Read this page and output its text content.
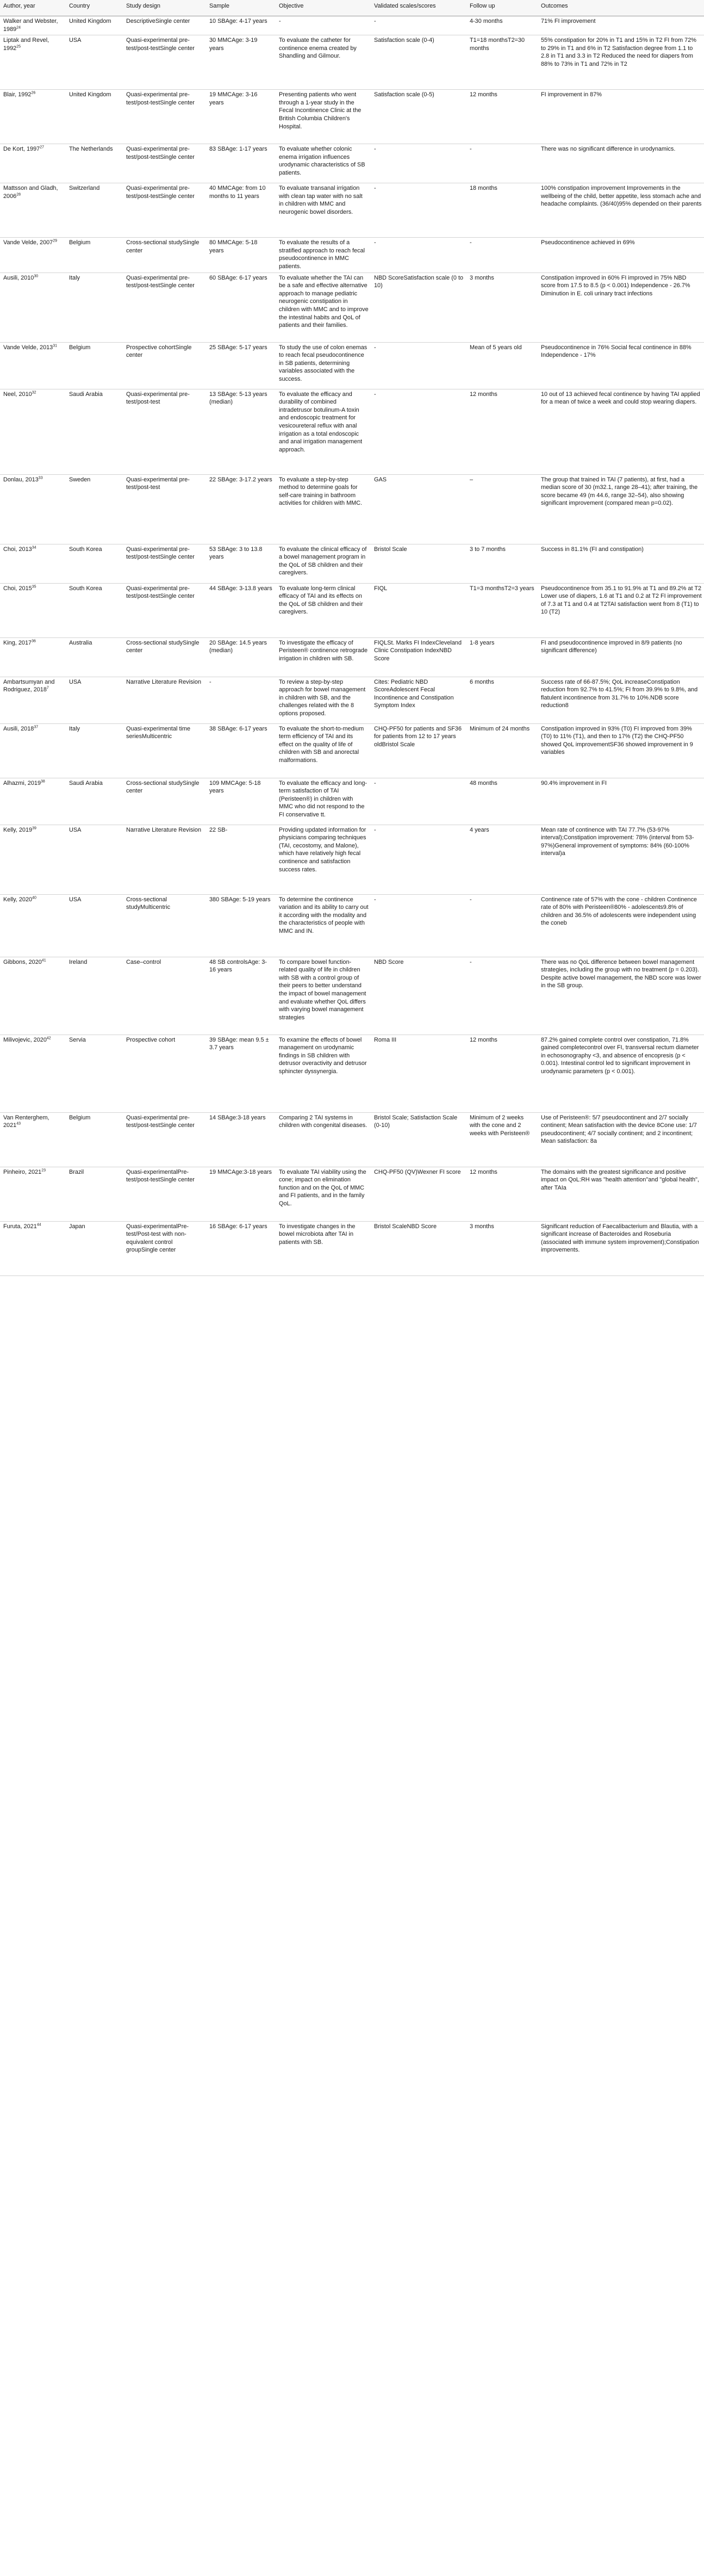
Author, year	Country	Study design	Sample	Objective	Validated scales/scores	Follow up	Outcomes
Walker and Webster, 1989$^{24}$	United Kingdom	DescriptiveSingle center	10 SBAge: 4-17 years	-	-	4-30 months	71% FI improvement
Liptak and Revel, 1992$^{25}$	USA	Quasi-experimental pre-test/post-testSingle center	30 MMCAge: 3-19 years	To evaluate the catheter for continence enema created by Shandling and Gilmour.	Satisfaction scale (0-4)	T1=18 monthsT2=30 months	55% constipation for 20% in T1 and 15% in T2 FI from 72% to 29% in T1 and 6% in T2 Satisfaction degree from 1.1 to 2.8 in T1 and 3.3 in T2 Reduced the need for diapers from 88% to 73% in T1 and 72% in T2
Blair, 1992$^{26}$	United Kingdom	Quasi-experimental pre-test/post-testSingle center	19 MMCAge: 3-16 years	Presenting patients who went through a 1-year study in the Fecal Incontinence Clinic at the British Columbia Children's Hospital.	Satisfaction scale (0-5)	12 months	FI improvement in 87%
De Kort, 1997$^{27}$	The Netherlands	Quasi-experimental pre-test/post-testSingle center	83 SBAge: 1-17 years	To evaluate whether colonic enema irrigation influences urodynamic characteristics of SB patients.	-	-	There was no significant difference in urodynamics.
Mattsson and Gladh, 2006$^{28}$	Switzerland	Quasi-experimental pre-test/post-testSingle center	40 MMCAge: from 10 months to 11 years	To evaluate transanal irrigation with clean tap water with no salt in children with MMC and neurogenic bowel disorders.	-	18 months	100% constipation improvement Improvements in the wellbeing of the child, better appetite, less stomach ache and headache complaints. (36/40)95% depended on their parents
Vande Velde, 2007$^{29}$	Belgium	Cross-sectional studySingle center	80 MMCAge: 5-18 years	To evaluate the results of a stratified approach to reach fecal pseudocontinence in MMC patients.	-	-	Pseudocontinence achieved in 69%
Ausili, 2010$^{30}$	Italy	Quasi-experimental pre-test/post-testSingle center	60 SBAge: 6-17 years	To evaluate whether the TAI can be a safe and effective alternative approach to manage pediatric neurogenic constipation in children with MMC and to improve the intestinal habits and QoL of patients and their families.	NBD ScoreSatisfaction scale (0 to 10)	3 months	Constipation improved in 60% FI improved in 75% NBD score from 17.5 to 8.5 (p < 0.001) Independence - 26.7% Diminution in E. coli urinary tract infections
Vande Velde, 2013$^{31}$	Belgium	Prospective cohortSingle center	25 SBAge: 5-17 years	To study the use of colon enemas to reach fecal pseudocontinence in SB patients, determining variables associated with the success.	-	Mean of 5 years old	Pseudocontinence in 76% Social fecal continence in 88% Independence - 17%
Neel, 2010$^{32}$	Saudi Arabia	Quasi-experimental pre-test/post-test	13 SBAge: 5-13 years (median)	To evaluate the efficacy and durability of combined intradetrusor botulinum-A toxin and endoscopic treatment for vesicoureteral reflux with anal irrigation as a total endoscopic and anal irrigation management approach.	-	12 months	10 out of 13 achieved fecal continence by having TAI applied for a mean of twice a week and could stop wearing diapers.
Donlau, 2013$^{33}$	Sweden	Quasi-experimental pre-test/post-test	22 SBAge: 3-17.2 years	To evaluate a step-by-step method to determine goals for self-care training in bathroom activities for children with MMC.	GAS	–	The group that trained in TAI (7 patients), at first, had a median score of 30 (m32.1, range 28–41); after training, the score became 49 (m 44.6, range 32–54), also showing significant improvement (compared mean p=0.02).
Choi, 2013$^{34}$	South Korea	Quasi-experimental pre-test/post-testSingle center	53 SBAge: 3 to 13.8 years	To evaluate the clinical efficacy of a bowel management program in the QoL of SB children and their caregivers.	Bristol Scale	3 to 7 months	Success in 81.1% (FI and constipation)
Choi, 2015$^{35}$	South Korea	Quasi-experimental pre-test/post-testSingle center	44 SBAge: 3-13.8 years	To evaluate long-term clinical efficacy of TAI and its effects on the QoL of SB children and their caregivers.	FIQL	T1=3 monthsT2=3 years	Pseudocontinence from 35.1 to 91.9% at T1 and 89.2% at T2 Lower use of diapers, 1.6 at T1 and 0.2 at T2 FI improvement of 7.3 at T1 and 0.4 at T2TAI satisfaction went from 8 (T1) to 10 (T2)
King, 2017$^{36}$	Australia	Cross-sectional studySingle center	20 SBAge: 14.5 years (median)	To investigate the efficacy of Peristeen® continence retrograde irrigation in children with SB.	FIQLSt. Marks FI IndexCleveland Clinic Constipation IndexNBD Score	1-8 years	FI and pseudocontinence improved in 8/9 patients (no significant difference)
Ambartsumyan and Rodriguez, 2018$^7$	USA	Narrative Literature Revision	-	To review a step-by-step approach for bowel management in children with SB, and the challenges related with the 8 options proposed.	Cites: Pediatric NBD ScoreAdolescent Fecal Incontinence and Constipation Symptom Index	6 months	Success rate of 66-87.5%; QoL increaseConstipation reduction from 92.7% to 41.5%; FI from 39.9% to 9.8%, and flatulent incontinence from 31.7% to 10%.NDB score reduction8
Ausili, 2018$^{37}$	Italy	Quasi-experimental time seriesMulticentric	38 SBAge: 6-17 years	To evaluate the short-to-medium term efficiency of TAI and its effect on the quality of life of children with SB and anorectal malformations.	CHQ-PF50 for patients and SF36 for patients from 12 to 17 years oldBristol Scale	Minimum of 24 months	Constipation improved in 93% (T0) FI improved from 39% (T0) to 11% (T1), and then to 17% (T2) the CHQ-PF50 showed QoL improvementSF36 showed improvement in 9 variables
Alhazmi, 2019$^{38}$	Saudi Arabia	Cross-sectional studySingle center	109 MMCAge: 5-18 years	To evaluate the efficacy and long-term satisfaction of TAI (Peristeen®) in children with MMC who did not respond to the FI conservative tt.	-	48 months	90.4% improvement in FI
Kelly, 2019$^{39}$	USA	Narrative Literature Revision	22 SB-	Providing updated information for physicians comparing techniques (TAI, cecostomy, and Malone), which have relatively high fecal continence and satisfaction success rates.	-	4 years	Mean rate of continence with TAI 77.7% (53-97% interval);Constipation improvement: 78% (interval from 53-97%)General improvement of symptoms: 84% (60-100% interval)a
Kelly, 2020$^{40}$	USA	Cross-sectional studyMulticentric	380 SBAge: 5-19 years	To determine the continence variation and its ability to carry out it according with the modality and the characteristics of people with MMC and IN.	-	-	Continence rate of 57% with the cone - children Continence rate of 80% with Peristeen®80% - adolescents9.8% of children and 36.5% of adolescents were independent using the coneb
Gibbons, 2020$^{41}$	Ireland	Case–control	48 SB controlsAge: 3-16 years	To compare bowel function-related quality of life in children with SB with a control group of their peers to better understand the impact of bowel management and evaluate whether QoL differs with varying bowel management strategies	NBD Score	-	There was no QoL difference between bowel management strategies, including the group with no treatment (p = 0.203). Despite active bowel management, the NBD score was lower in the SB group.
Milivojevic, 2020$^{42}$	Servia	Prospective cohort	39 SBAge: mean 9.5 ± 3.7 years	To examine the effects of bowel management on urodynamic findings in SB children with detrusor overactivity and detrusor sphincter dyssynergia.	Roma III	12 months	87.2% gained complete control over constipation, 71.8% gained completecontrol over FI, transversal rectum diameter in echosonography <3, and absence of encopresis (p < 0.001). Intestinal control led to significant improvement in urodynamic parameters (p < 0.001).
Van Renterghem, 2021$^{43}$	Belgium	Quasi-experimental pre-test/post-testSingle center	14 SBAge:3-18 years	Comparing 2 TAI systems in children with congenital diseases.	Bristol Scale; Satisfaction Scale (0-10)	Minimum of 2 weeks with the cone and 2 weeks with Peristeen®	Use of Peristeen®: 5/7 pseudocontinent and 2/7 socially continent; Mean satisfaction with the device 8Cone use: 1/7 pseudocontinent; 4/7 socially continent; and 2 incontinent; Mean satisfaction: 8a
Pinheiro, 2021$^{23}$	Brazil	Quasi-experimentalPre-test/post-testSingle center	19 MMCAge:3-18 years	To evaluate TAI viability using the cone; impact on elimination function and on the QoL of MMC and FI patients, and in the family QoL.	CHQ-PF50 (QV)Wexner FI score	12 months	The domains with the greatest significance and positive impact on QoL:RH was "health attention"and "global health", after TAIa
Furuta, 2021$^{44}$	Japan	Quasi-experimentalPre-test/Post-test with non-equivalent control groupSingle center	16 SBAge: 6-17 years	To investigate changes in the bowel microbiota after TAI in patients with SB.	Bristol ScaleNBD Score	3 months	Significant reduction of Faecalibacterium and Blautia, with a significant increase of Bacteroides and Roseburia (associated with immune system improvement);Constipation improvements.
